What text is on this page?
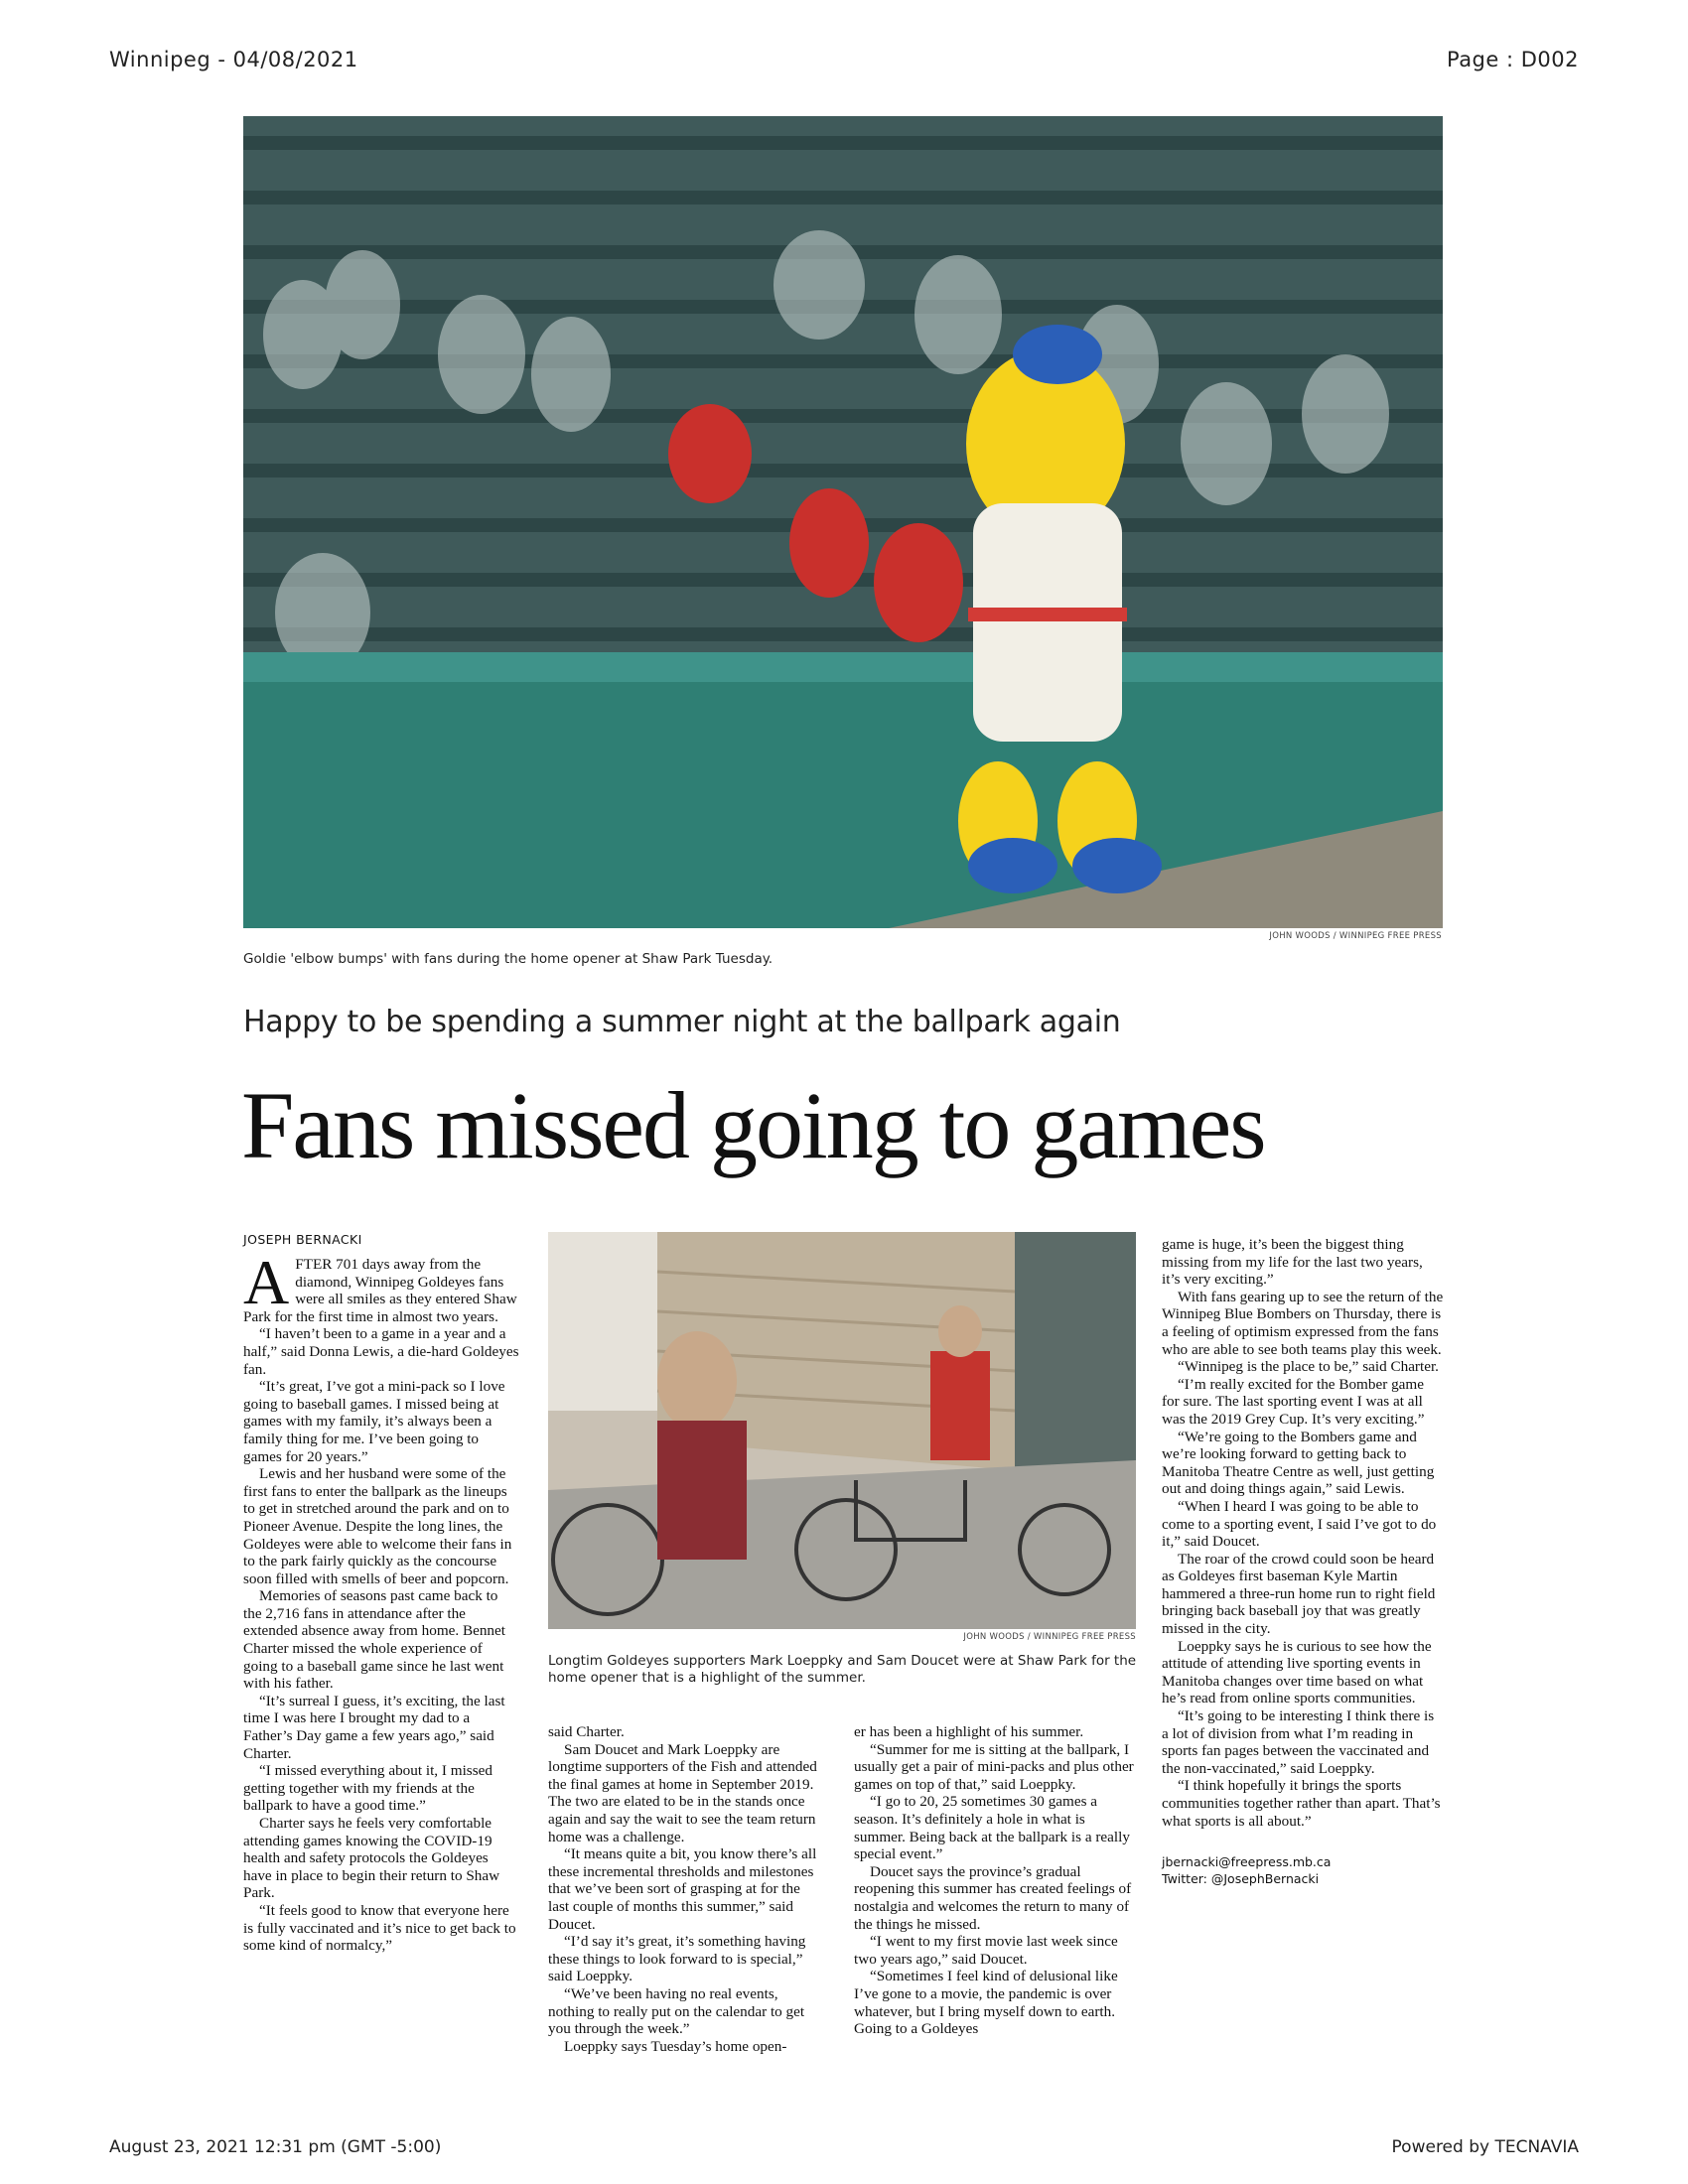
Winnipeg - 04/08/2021	Page : D002
JOHN WOODS / WINNIPEG FREE PRESS
Goldie 'elbow bumps' with fans during the home opener at Shaw Park Tuesday.
Happy to be spending a summer night at the ballpark again
Fans missed going to games
JOSEPH BERNACKI

AFTER 701 days away from the diamond, Winnipeg Goldeyes fans were all smiles as they entered Shaw Park for the first time in almost two years.

“I haven’t been to a game in a year and a half,” said Donna Lewis, a die-hard Goldeyes fan.

“It’s great, I’ve got a mini-pack so I love going to baseball games. I missed being at games with my family, it’s always been a family thing for me. I’ve been going to games for 20 years.”

Lewis and her husband were some of the first fans to enter the ballpark as the lineups to get in stretched around the park and on to Pioneer Avenue. Despite the long lines, the Goldeyes were able to welcome their fans in to the park fairly quickly as the concourse soon filled with smells of beer and popcorn.

Memories of seasons past came back to the 2,716 fans in attendance after the extended absence away from home. Bennet Charter missed the whole experience of going to a baseball game since he last went with his father.

“It’s surreal I guess, it’s exciting, the last time I was here I brought my dad to a Father’s Day game a few years ago,” said Charter.

“I missed everything about it, I missed getting together with my friends at the ballpark to have a good time.”

Charter says he feels very comfortable attending games knowing the COVID-19 health and safety protocols the Goldeyes have in place to begin their return to Shaw Park.

“It feels good to know that everyone here is fully vaccinated and it’s nice to get back to some kind of normalcy,”

JOHN WOODS / WINNIPEG FREE PRESS
Longtim Goldeyes supporters Mark Loeppky and Sam Doucet were at Shaw Park for the home opener that is a highlight of the summer.

said Charter.

Sam Doucet and Mark Loeppky are longtime supporters of the Fish and attended the final games at home in September 2019. The two are elated to be in the stands once again and say the wait to see the team return home was a challenge.

“It means quite a bit, you know there’s all these incremental thresholds and milestones that we’ve been sort of grasping at for the last couple of months this summer,” said Doucet.

“I’d say it’s great, it’s something having these things to look forward to is special,” said Loeppky.

“We’ve been having no real events, nothing to really put on the calendar to get you through the week.”

Loeppky says Tuesday’s home open-

er has been a highlight of his summer.

“Summer for me is sitting at the ballpark, I usually get a pair of mini-packs and plus other games on top of that,” said Loeppky.

“I go to 20, 25 sometimes 30 games a season. It’s definitely a hole in what is summer. Being back at the ballpark is a really special event.”

Doucet says the province’s gradual reopening this summer has created feelings of nostalgia and welcomes the return to many of the things he missed.

“I went to my first movie last week since two years ago,” said Doucet.

“Sometimes I feel kind of delusional like I’ve gone to a movie, the pandemic is over whatever, but I bring myself down to earth. Going to a Goldeyes

game is huge, it’s been the biggest thing missing from my life for the last two years, it’s very exciting.”

With fans gearing up to see the return of the Winnipeg Blue Bombers on Thursday, there is a feeling of optimism expressed from the fans who are able to see both teams play this week.

“Winnipeg is the place to be,” said Charter.

“I’m really excited for the Bomber game for sure. The last sporting event I was at all was the 2019 Grey Cup. It’s very exciting.”

“We’re going to the Bombers game and we’re looking forward to getting back to Manitoba Theatre Centre as well, just getting out and doing things again,” said Lewis.

“When I heard I was going to be able to come to a sporting event, I said I’ve got to do it,” said Doucet.

The roar of the crowd could soon be heard as Goldeyes first baseman Kyle Martin hammered a three-run home run to right field bringing back baseball joy that was greatly missed in the city.

Loeppky says he is curious to see how the attitude of attending live sporting events in Manitoba changes over time based on what he’s read from online sports communities.

“It’s going to be interesting I think there is a lot of division from what I’m reading in sports fan pages between the vaccinated and the non-vaccinated,” said Loeppky.

“I think hopefully it brings the sports communities together rather than apart. That’s what sports is all about.”

jbernacki@freepress.mb.ca
Twitter: @JosephBernacki
August 23, 2021 12:31 pm (GMT -5:00)	Powered by TECNAVIA
